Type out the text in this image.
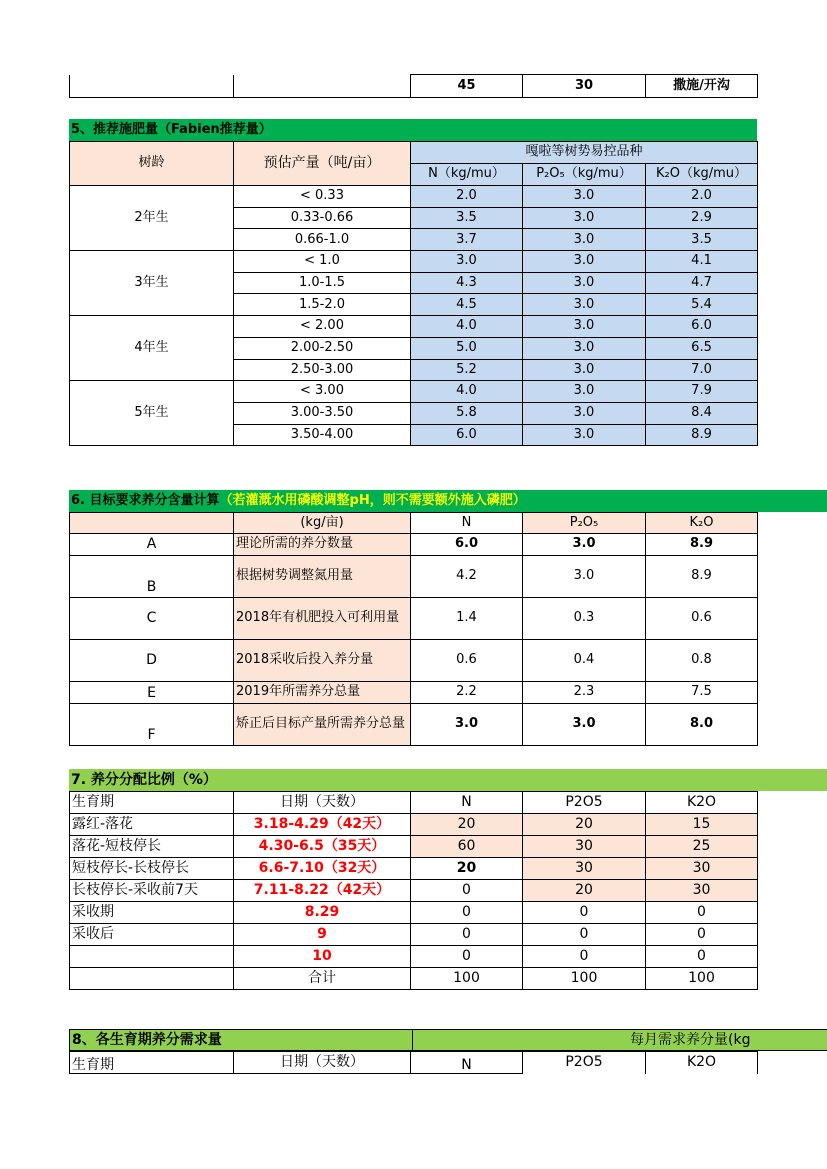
		45	30	撒施/开沟
5、推荐施肥量（Fabien推荐量）
树龄	预估产量（吨/亩）	嘎啦等树势易控品种		
		N（kg/mu）	P₂O₅（kg/mu）	K₂O（kg/mu）
2年生	< 0.33	2.0	3.0	2.0
	0.33-0.66	3.5	3.0	2.9
	0.66-1.0	3.7	3.0	3.5
3年生	< 1.0	3.0	3.0	4.1
	1.0-1.5	4.3	3.0	4.7
	1.5-2.0	4.5	3.0	5.4
4年生	< 2.00	4.0	3.0	6.0
	2.00-2.50	5.0	3.0	6.5
	2.50-3.00	5.2	3.0	7.0
5年生	< 3.00	4.0	3.0	7.9
	3.00-3.50	5.8	3.0	8.4
	3.50-4.00	6.0	3.0	8.9
6. 目标要求养分含量计算（若灌溉水用磷酸调整pH，则不需要额外施入磷肥）
	(kg/亩)	N	P₂O₅	K₂O
A	理论所需的养分数量	6.0	3.0	8.9
B	根据树势调整氮用量	4.2	3.0	8.9
C	2018年有机肥投入可利用量	1.4	0.3	0.6
D	2018采收后投入养分量	0.6	0.4	0.8
E	2019年所需养分总量	2.2	2.3	7.5
F	矫正后目标产量所需养分总量	3.0	3.0	8.0
7. 养分分配比例（%）
生育期	日期（天数）	N	P2O5	K2O
露红-落花	3.18-4.29（42天）	20	20	15
落花-短枝停长	4.30-6.5（35天）	60	30	25
短枝停长-长枝停长	6.6-7.10（32天）	20	30	30
长枝停长-采收前7天	7.11-8.22（42天）	0	20	30
采收期	8.29	0	0	0
采收后	9	0	0	0
	10	0	0	0
	合计	100	100	100
8、各生育期养分需求量	每月需求养分量(kg
生育期	日期（天数）	N	P2O5	K2O
